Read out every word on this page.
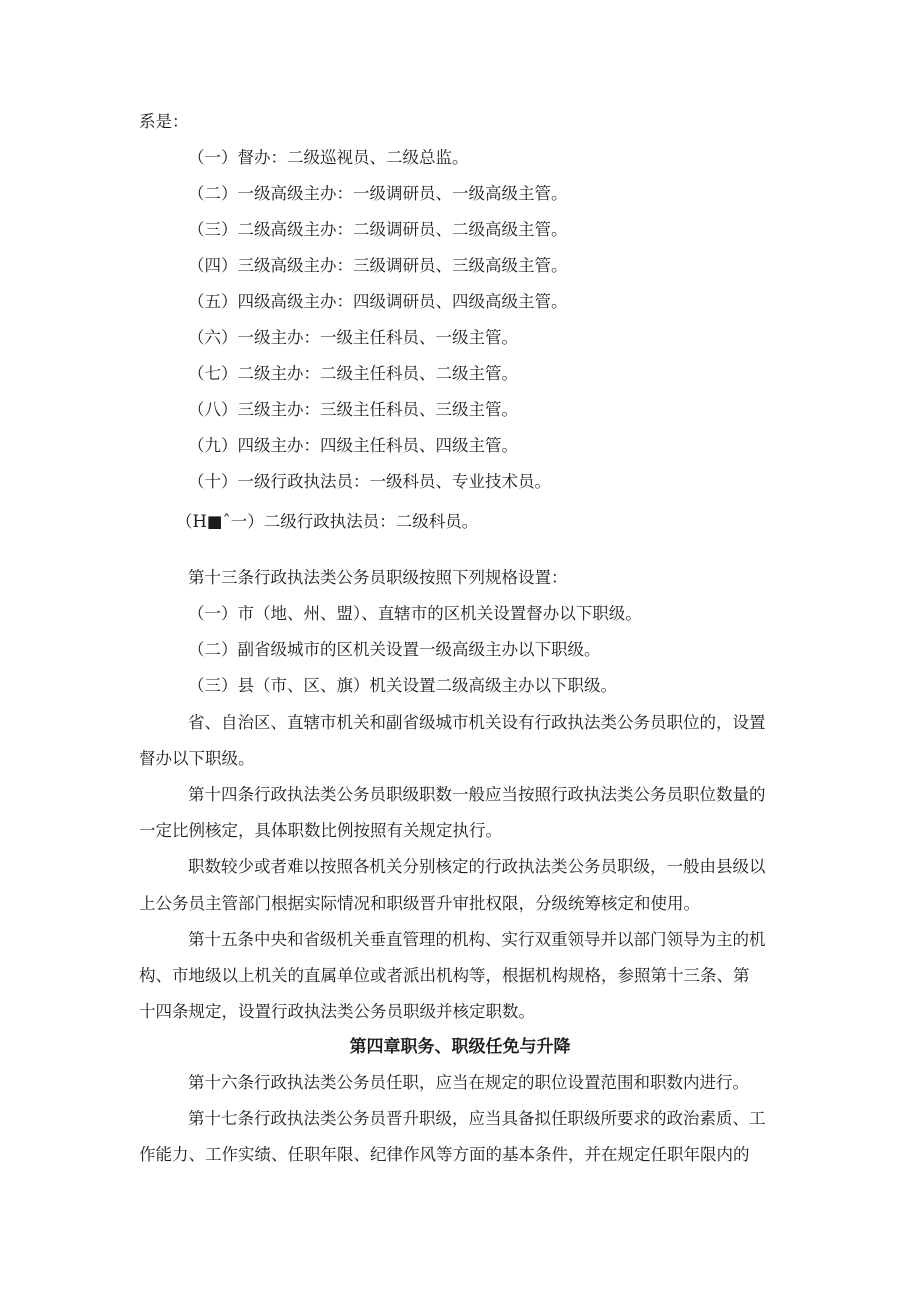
系是：
（一）督办：二级巡视员、二级总监。
（二）一级高级主办：一级调研员、一级高级主管。
（三）二级高级主办：二级调研员、二级高级主管。
（四）三级高级主办：三级调研员、三级高级主管。
（五）四级高级主办：四级调研员、四级高级主管。
（六）一级主办：一级主任科员、一级主管。
（七）二级主办：二级主任科员、二级主管。
（八）三级主办：三级主任科员、三级主管。
（九）四级主办：四级主任科员、四级主管。
（十）一级行政执法员：一级科员、专业技术员。
（H■ˆ一）二级行政执法员：二级科员。
第十三条行政执法类公务员职级按照下列规格设置：
（一）市（地、州、盟）、直辖市的区机关设置督办以下职级。
（二）副省级城市的区机关设置一级高级主办以下职级。
（三）县（市、区、旗）机关设置二级高级主办以下职级。
省、自治区、直辖市机关和副省级城市机关设有行政执法类公务员职位的，设置
督办以下职级。
第十四条行政执法类公务员职级职数一般应当按照行政执法类公务员职位数量的
一定比例核定，具体职数比例按照有关规定执行。
职数较少或者难以按照各机关分别核定的行政执法类公务员职级，一般由县级以
上公务员主管部门根据实际情况和职级晋升审批权限，分级统筹核定和使用。
第十五条中央和省级机关垂直管理的机构、实行双重领导并以部门领导为主的机
构、市地级以上机关的直属单位或者派出机构等，根据机构规格，参照第十三条、第
十四条规定，设置行政执法类公务员职级并核定职数。
第四章职务、职级任免与升降
第十六条行政执法类公务员任职，应当在规定的职位设置范围和职数内进行。
第十七条行政执法类公务员晋升职级，应当具备拟任职级所要求的政治素质、工
作能力、工作实绩、任职年限、纪律作风等方面的基本条件，并在规定任职年限内的
